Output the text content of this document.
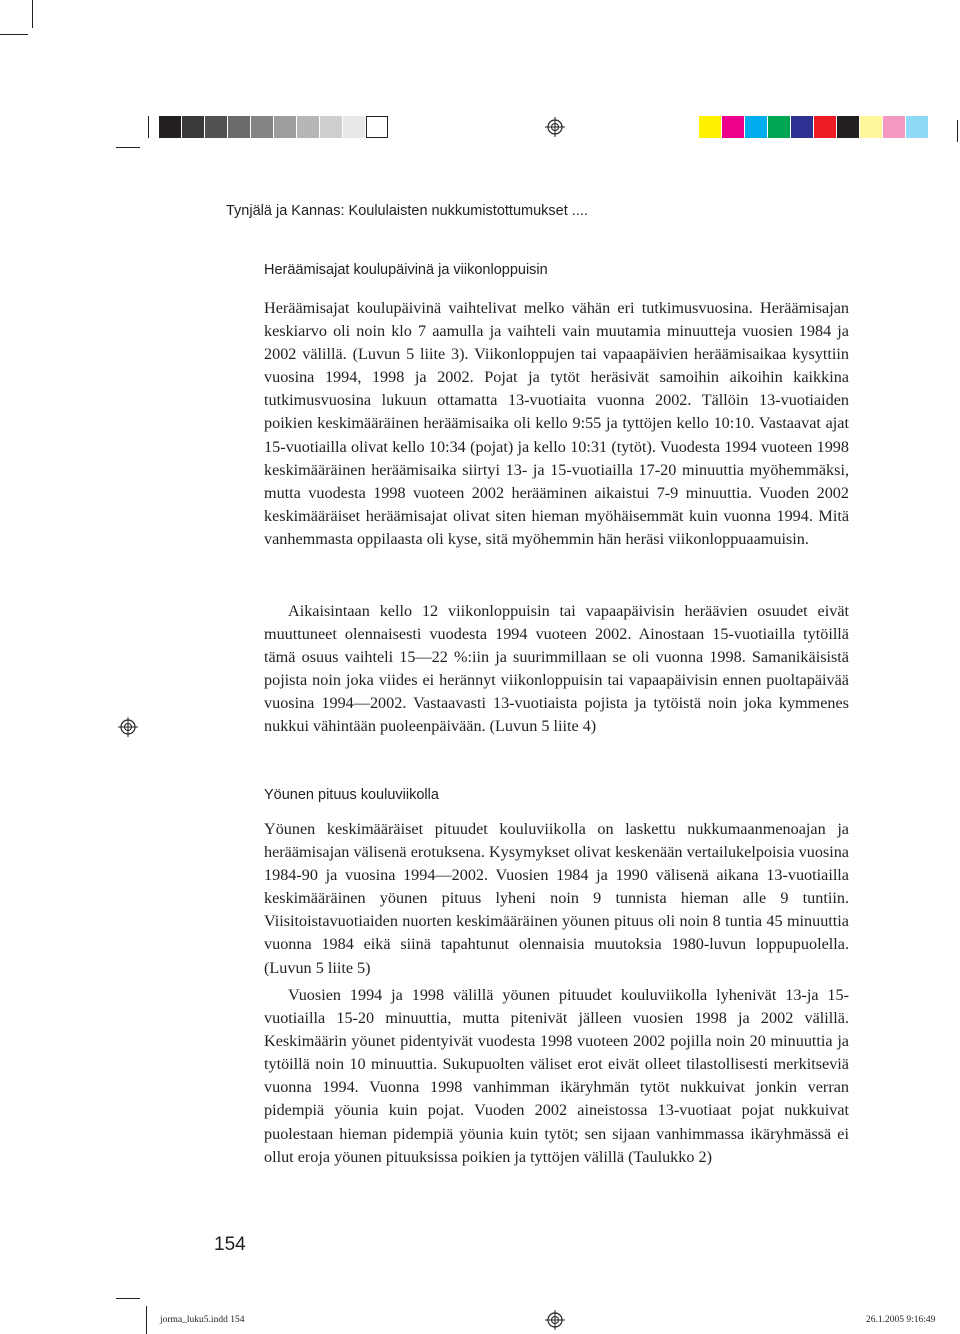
Tynjälä ja Kannas: Koululaisten nukkumistottumukset ....
Heräämisajat koulupäivinä ja viikonloppuisin

Heräämisajat koulupäivinä vaihtelivat melko vähän eri tutkimusvuosina. Heräämisajan keskiarvo oli noin klo 7 aamulla ja vaihteli vain muutamia minuutteja vuosien 1984 ja 2002 välillä. (Luvun 5 liite 3). Viikonloppujen tai vapaapäivien heräämisaikaa kysyttiin vuosina 1994, 1998 ja 2002. Pojat ja tytöt heräsivät samoihin aikoihin kaikkina tutkimusvuosina lukuun ottamatta 13-vuotiaita vuonna 2002. Tällöin 13-vuotiaiden poikien keskimääräinen heräämisaika oli kello 9:55 ja tyttöjen kello 10:10. Vastaavat ajat 15-vuotiailla olivat kello 10:34 (pojat) ja kello 10:31 (tytöt). Vuodesta 1994 vuoteen 1998 keskimääräinen heräämisaika siirtyi 13- ja 15-vuotiailla 17-20 minuuttia myöhemmäksi, mutta vuodesta 1998 vuoteen 2002 herääminen aikaistui 7-9 minuuttia. Vuoden 2002 keskimääräiset heräämisajat olivat siten hieman myöhäisemmät kuin vuonna 1994. Mitä vanhemmasta oppilaasta oli kyse, sitä myöhemmin hän heräsi viikonloppuaamuisin.

Aikaisintaan kello 12 viikonloppuisin tai vapaapäivisin heräävien osuudet eivät muuttuneet olennaisesti vuodesta 1994 vuoteen 2002. Ainostaan 15-vuotiailla tytöillä tämä osuus vaihteli 15—22 %:iin ja suurimmillaan se oli vuonna 1998. Samanikäisistä pojista noin joka viides ei herännyt viikonloppuisin tai vapaapäivisin ennen puoltapäivää vuosina 1994—2002. Vastaavasti 13-vuotiaista pojista ja tytöistä noin joka kymmenes nukkui vähintään puoleenpäivään. (Luvun 5 liite 4)

Yöunen pituus kouluviikolla

Yöunen keskimääräiset pituudet kouluviikolla on laskettu nukkumaanmenoajan ja heräämisajan välisenä erotuksena. Kysymykset olivat keskenään vertailukelpoisia vuosina 1984-90 ja vuosina 1994—2002. Vuosien 1984 ja 1990 välisenä aikana 13-vuotiailla keskimääräinen yöunen pituus lyheni noin 9 tunnista hieman alle 9 tuntiin. Viisitoistavuotiaiden nuorten keskimääräinen yöunen pituus oli noin 8 tuntia 45 minuuttia vuonna 1984 eikä siinä tapahtunut olennaisia muutoksia 1980-luvun loppupuolella. (Luvun 5 liite 5)

Vuosien 1994 ja 1998 välillä yöunen pituudet kouluviikolla lyhenivät 13-ja 15-vuotiailla 15-20 minuuttia, mutta pitenivät jälleen vuosien 1998 ja 2002 välillä. Keskimäärin yöunet pidentyivät vuodesta 1998 vuoteen 2002 pojilla noin 20 minuuttia ja tytöillä noin 10 minuuttia. Sukupuolten väliset erot eivät olleet tilastollisesti merkitseviä vuonna 1994. Vuonna 1998 vanhimman ikäryhmän tytöt nukkuivat jonkin verran pidempiä yöunia kuin pojat. Vuoden 2002 aineistossa 13-vuotiaat pojat nukkuivat puolestaan hieman pidempiä yöunia kuin tytöt; sen sijaan vanhimmassa ikäryhmässä ei ollut eroja yöunen pituuksissa poikien ja tyttöjen välillä (Taulukko 2)

154
jorma_luku5.indd 154	26.1.2005 9:16:49
